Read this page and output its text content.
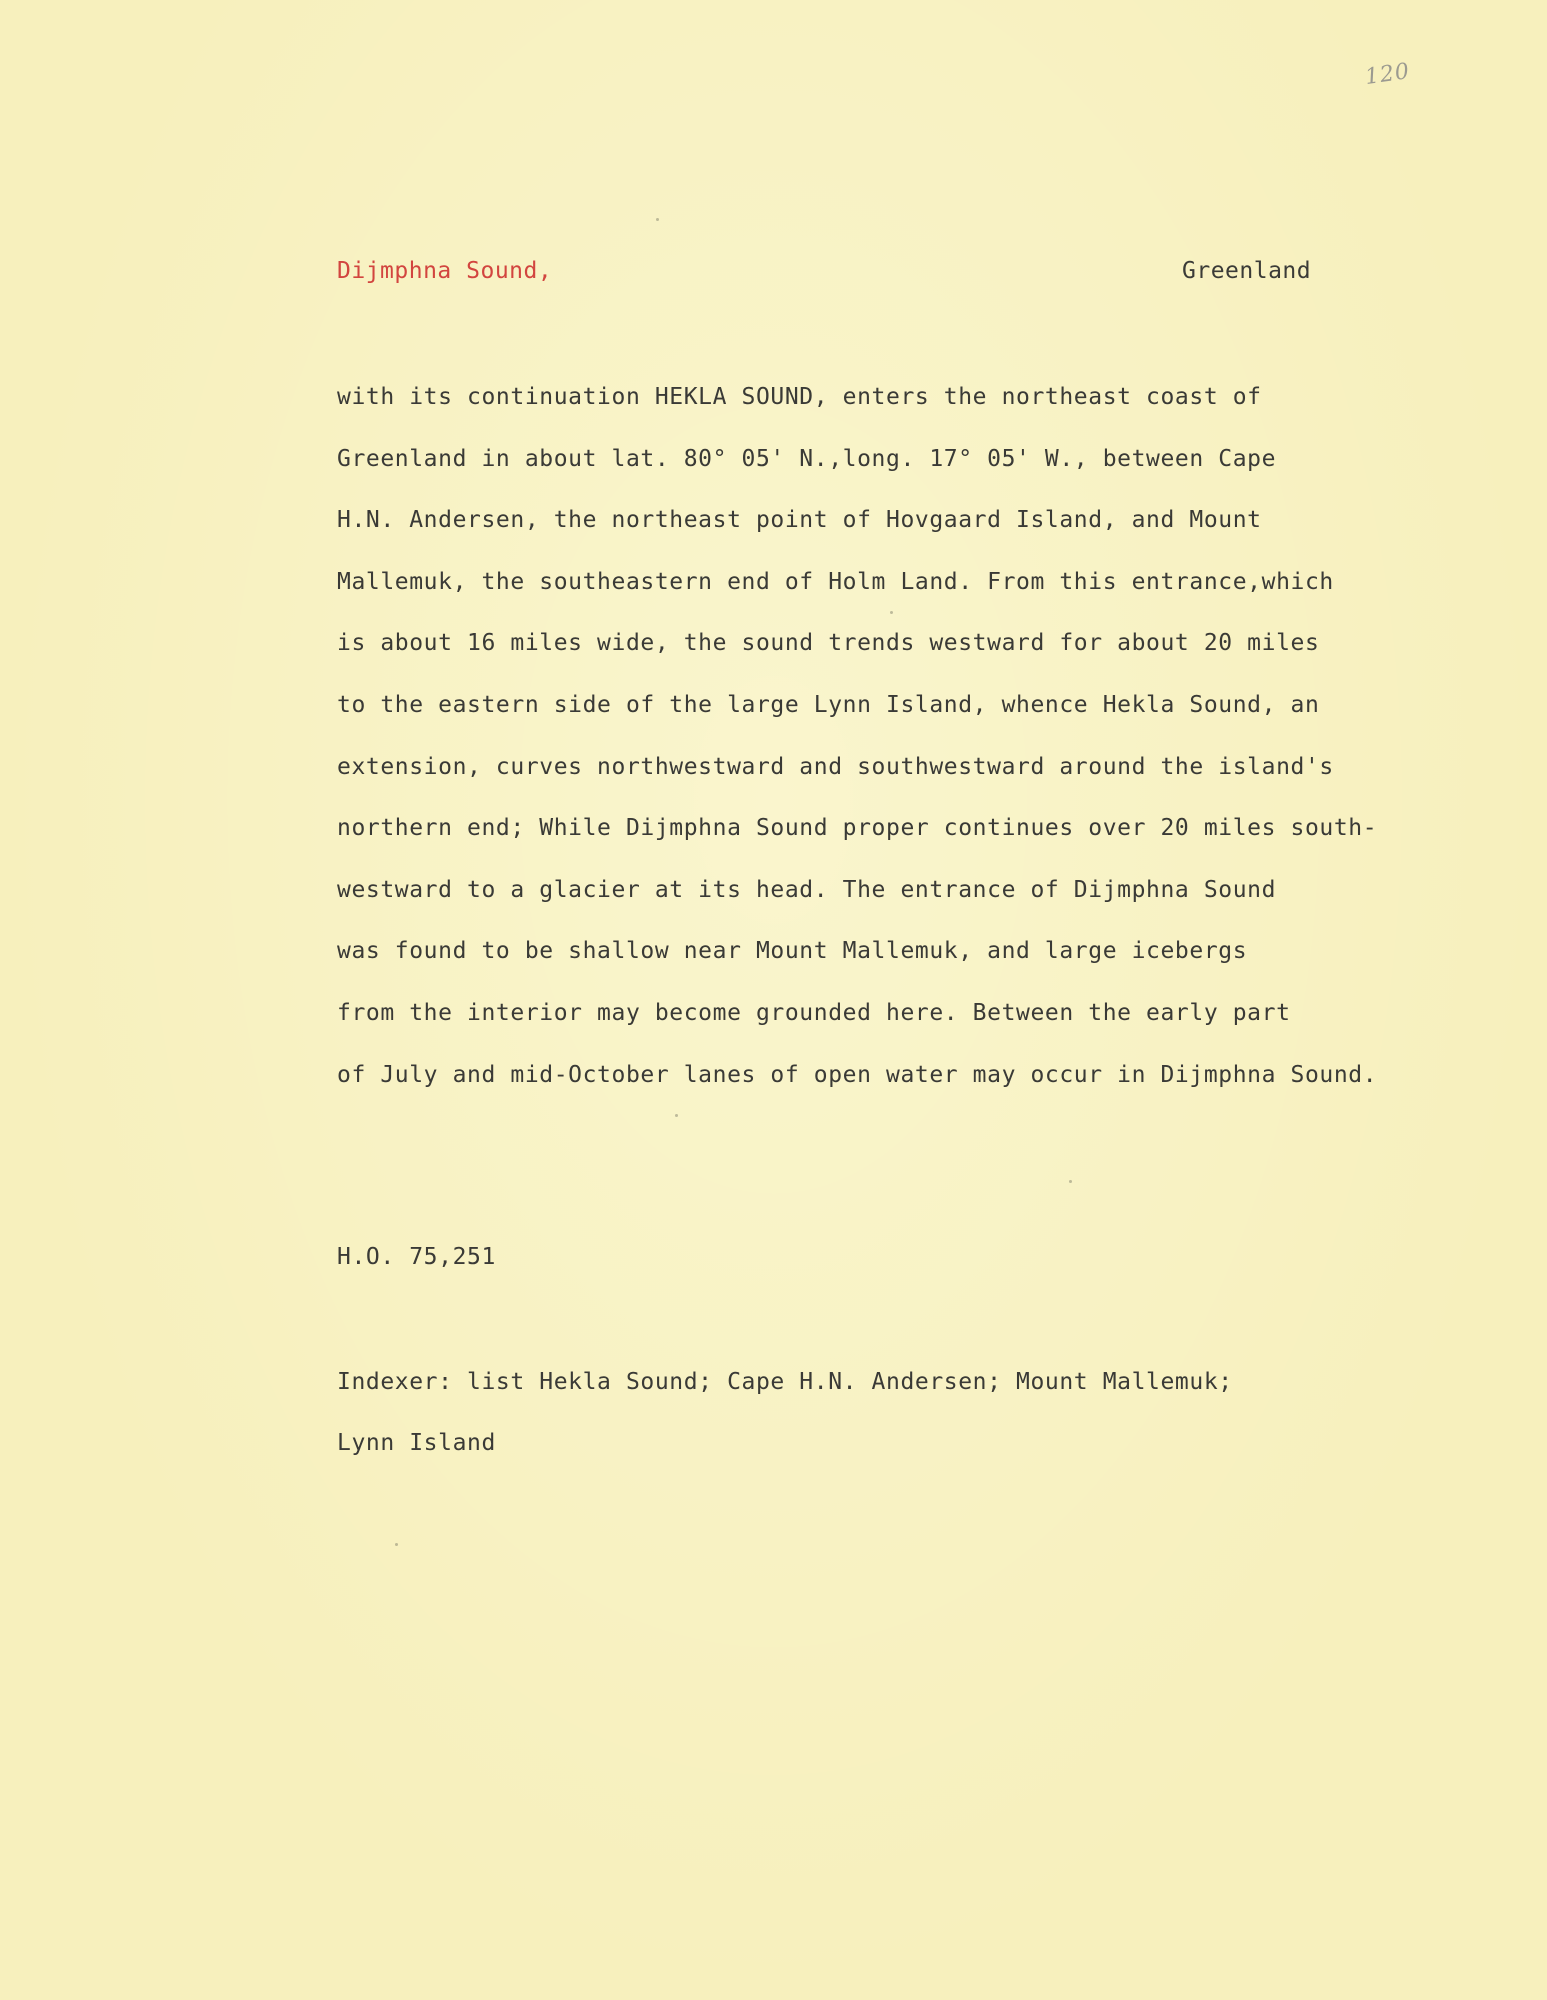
120
Dijmphna Sound,	Greenland
with its continuation HEKLA SOUND, enters the northeast coast of
Greenland in about lat. 80° 05' N.,long. 17° 05' W., between Cape
H.N. Andersen, the northeast point of Hovgaard Island, and Mount
Mallemuk, the southeastern end of Holm Land. From this entrance,which
is about 16 miles wide, the sound trends westward for about 20 miles
to the eastern side of the large Lynn Island, whence Hekla Sound, an
extension, curves northwestward and southwestward around the island's
northern end; While Dijmphna Sound proper continues over 20 miles south-
westward to a glacier at its head. The entrance of Dijmphna Sound
was found to be shallow near Mount Mallemuk, and large icebergs
from the interior may become grounded here. Between the early part
of July and mid-October lanes of open water may occur in Dijmphna Sound.
H.O. 75,251
Indexer: list Hekla Sound; Cape H.N. Andersen; Mount Mallemuk;
Lynn Island
